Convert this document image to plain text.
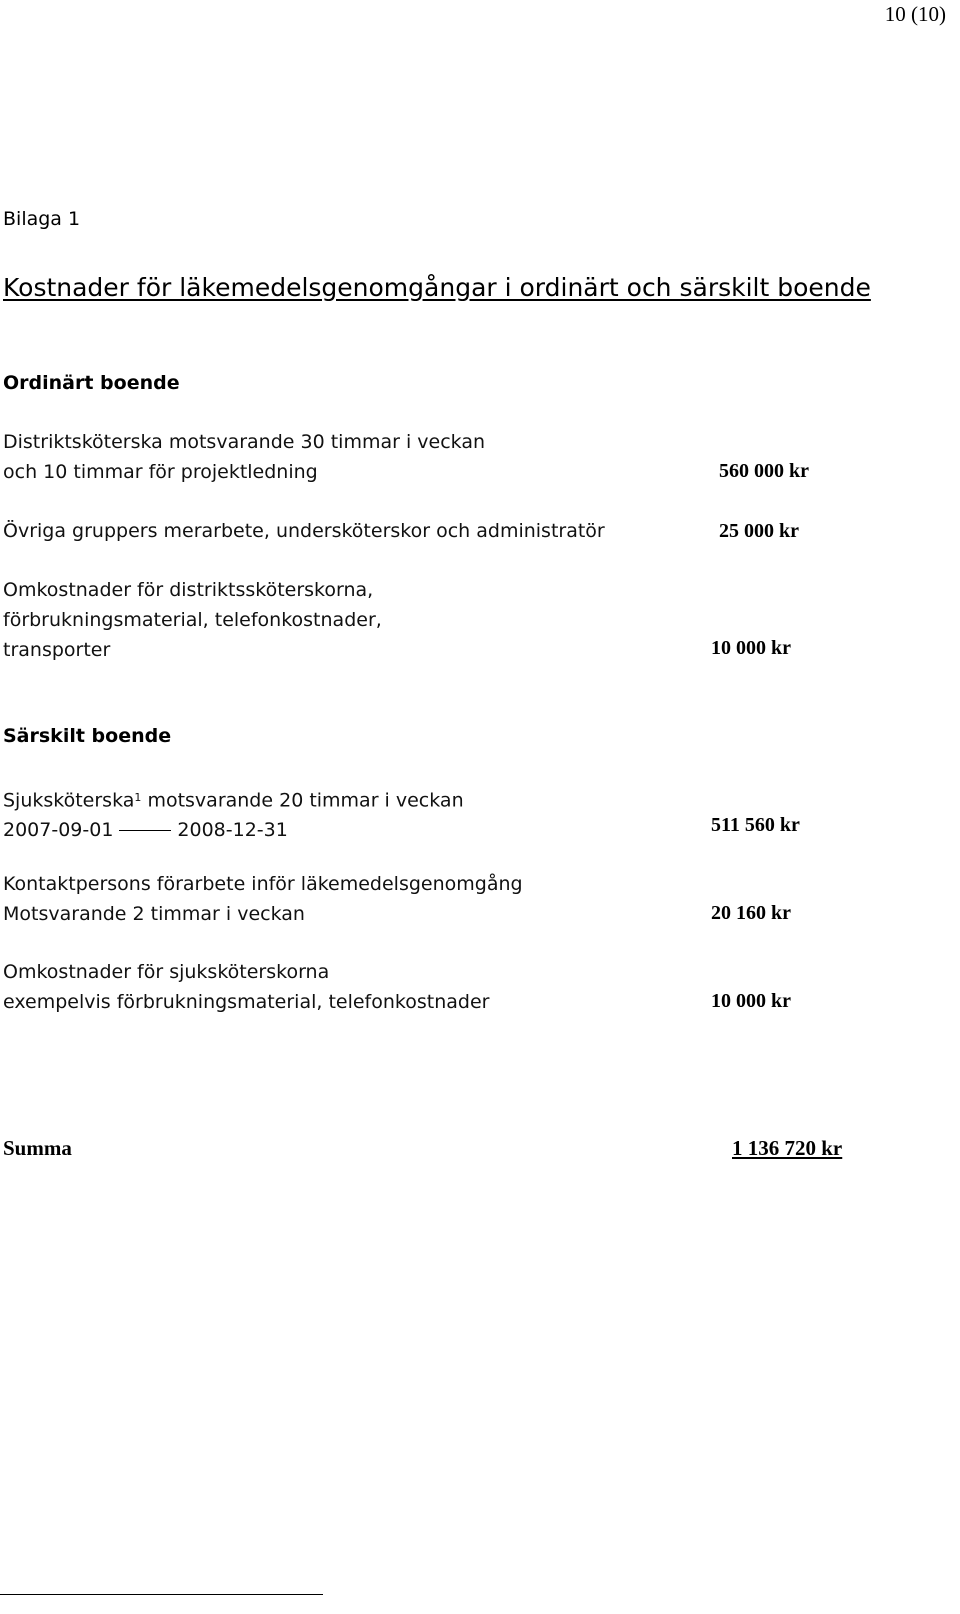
10 (10)
Bilaga 1
Kostnader för läkemedelsgenomgångar i ordinärt och särskilt boende
Ordinärt boende
Distriktsköterska motsvarande 30 timmar i veckan
och 10 timmar för projektledning	560 000 kr
Övriga gruppers merarbete, undersköterskor och administratör	25 000 kr
Omkostnader för distriktssköterskorna,
förbrukningsmaterial, telefonkostnader,
transporter	10 000 kr
Särskilt boende
Sjuksköterska$^1$ motsvarande 20 timmar i veckan
2007-09-01	2008-12-31	511 560 kr
Kontaktpersons förarbete inför läkemedelsgenomgång
Motsvarande 2 timmar i veckan	20 160 kr
Omkostnader för sjuksköterskorna
exempelvis förbrukningsmaterial, telefonkostnader	10 000 kr
Summa	1 136 720 kr
